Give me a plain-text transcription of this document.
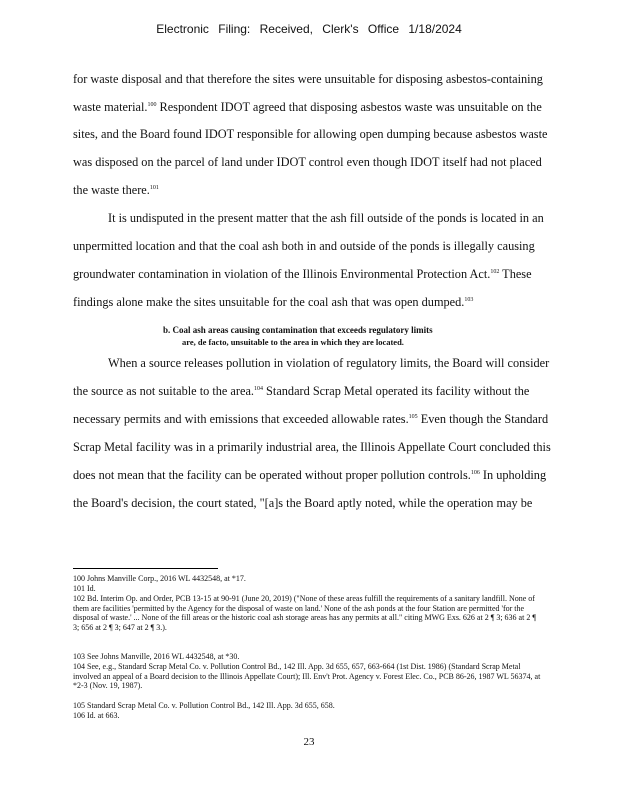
Electronic Filing: Received, Clerk's Office 1/18/2024
for waste disposal and that therefore the sites were unsuitable for disposing asbestos-containing
waste material.$^{100}$ Respondent IDOT agreed that disposing asbestos waste was unsuitable on the
sites, and the Board found IDOT responsible for allowing open dumping because asbestos waste
was disposed on the parcel of land under IDOT control even though IDOT itself had not placed
the waste there.$^{101}$
It is undisputed in the present matter that the ash fill outside of the ponds is located in an
unpermitted location and that the coal ash both in and outside of the ponds is illegally causing
groundwater contamination in violation of the Illinois Environmental Protection Act.$^{102}$ These
findings alone make the sites unsuitable for the coal ash that was open dumped.$^{103}$
b. Coal ash areas causing contamination that exceeds regulatory limits
are, de facto, unsuitable to the area in which they are located.
When a source releases pollution in violation of regulatory limits, the Board will consider
the source as not suitable to the area.$^{104}$ Standard Scrap Metal operated its facility without the
necessary permits and with emissions that exceeded allowable rates.$^{105}$ Even though the Standard
Scrap Metal facility was in a primarily industrial area, the Illinois Appellate Court concluded this
does not mean that the facility can be operated without proper pollution controls.$^{106}$ In upholding
the Board's decision, the court stated, "[a]s the Board aptly noted, while the operation may be
100 Johns Manville Corp., 2016 WL 4432548, at *17.
101 Id.
102 Bd. Interim Op. and Order, PCB 13-15 at 90-91 (June 20, 2019) ("None of these areas fulfill the requirements of a sanitary landfill. None of them are facilities 'permitted by the Agency for the disposal of waste on land.' None of the ash ponds at the four Station are permitted 'for the disposal of waste.' ... None of the fill areas or the historic coal ash storage areas has any permits at all." citing MWG Exs. 626 at 2 ¶ 3; 636 at 2 ¶ 3; 656 at 2 ¶ 3; 647 at 2 ¶ 3.).
103 See Johns Manville, 2016 WL 4432548, at *30.
104 See, e.g., Standard Scrap Metal Co. v. Pollution Control Bd., 142 Ill. App. 3d 655, 657, 663-664 (1st Dist. 1986) (Standard Scrap Metal involved an appeal of a Board decision to the Illinois Appellate Court); Ill. Env't Prot. Agency v. Forest Elec. Co., PCB 86-26, 1987 WL 56374, at *2-3 (Nov. 19, 1987).
105 Standard Scrap Metal Co. v. Pollution Control Bd., 142 Ill. App. 3d 655, 658.
106 Id. at 663.
23
